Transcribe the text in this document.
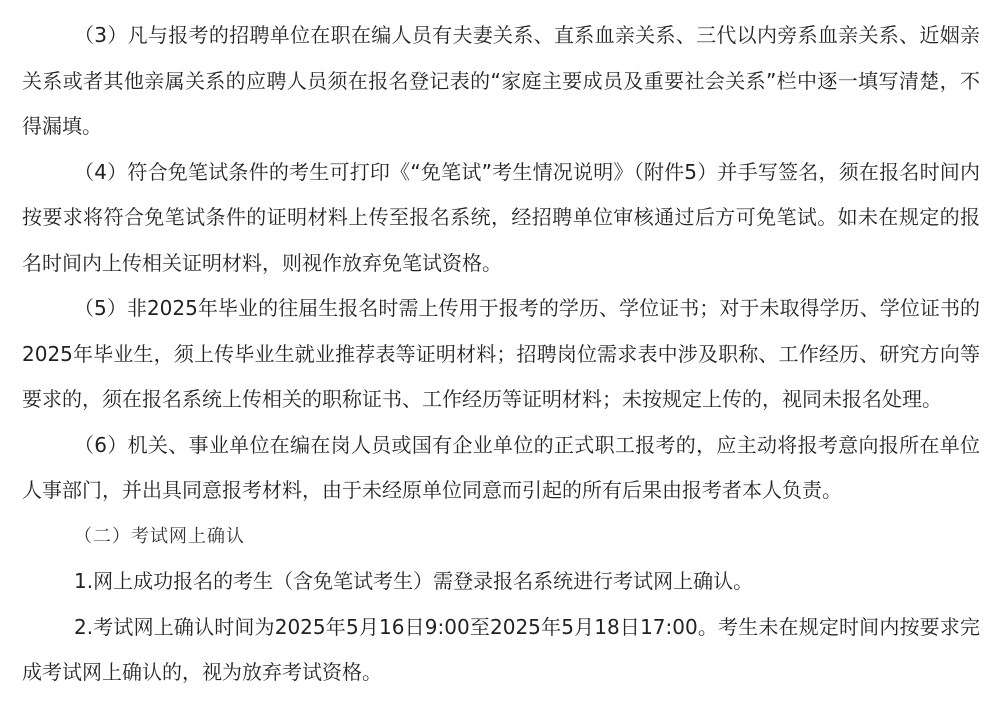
（3）凡与报考的招聘单位在职在编人员有夫妻关系、直系血亲关系、三代以内旁系血亲关系、近姻亲关系或者其他亲属关系的应聘人员须在报名登记表的“家庭主要成员及重要社会关系”栏中逐一填写清楚，不得漏填。

（4）符合免笔试条件的考生可打印《“免笔试”考生情况说明》（附件5）并手写签名，须在报名时间内按要求将符合免笔试条件的证明材料上传至报名系统，经招聘单位审核通过后方可免笔试。如未在规定的报名时间内上传相关证明材料，则视作放弃免笔试资格。

（5）非2025年毕业的往届生报名时需上传用于报考的学历、学位证书；对于未取得学历、学位证书的2025年毕业生，须上传毕业生就业推荐表等证明材料；招聘岗位需求表中涉及职称、工作经历、研究方向等要求的，须在报名系统上传相关的职称证书、工作经历等证明材料；未按规定上传的，视同未报名处理。

（6）机关、事业单位在编在岗人员或国有企业单位的正式职工报考的，应主动将报考意向报所在单位人事部门，并出具同意报考材料，由于未经原单位同意而引起的所有后果由报考者本人负责。

（二）考试网上确认

1.网上成功报名的考生（含免笔试考生）需登录报名系统进行考试网上确认。

2.考试网上确认时间为2025年5月16日9:00至2025年5月18日17:00。考生未在规定时间内按要求完成考试网上确认的，视为放弃考试资格。
